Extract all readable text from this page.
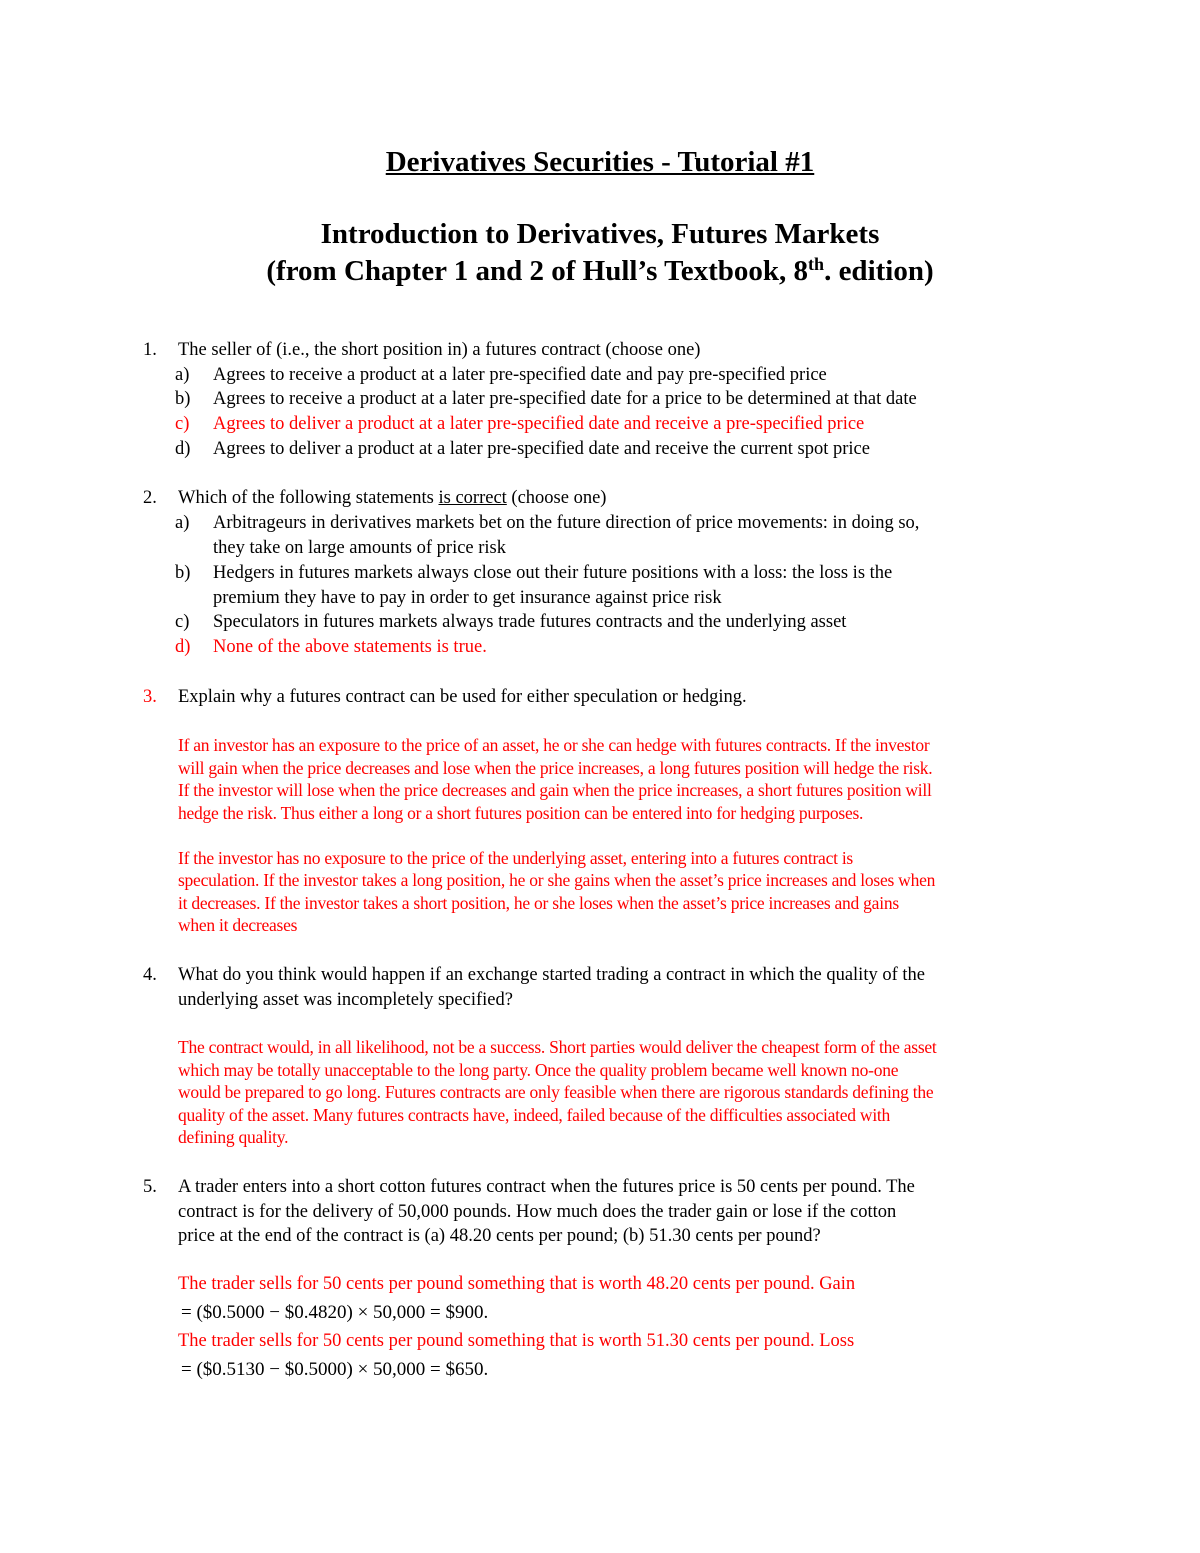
Derivatives Securities - Tutorial #1
Introduction to Derivatives, Futures Markets
(from Chapter 1 and 2 of Hull’s Textbook, 8th. edition)
1. The seller of (i.e., the short position in) a futures contract (choose one)
a) Agrees to receive a product at a later pre-specified date and pay pre-specified price
b) Agrees to receive a product at a later pre-specified date for a price to be determined at that date
c) Agrees to deliver a product at a later pre-specified date and receive a pre-specified price
d) Agrees to deliver a product at a later pre-specified date and receive the current spot price
2. Which of the following statements is correct (choose one)
a) Arbitrageurs in derivatives markets bet on the future direction of price movements: in doing so,
they take on large amounts of price risk
b) Hedgers in futures markets always close out their future positions with a loss: the loss is the
premium they have to pay in order to get insurance against price risk
c) Speculators in futures markets always trade futures contracts and the underlying asset
d) None of the above statements is true.
3. Explain why a futures contract can be used for either speculation or hedging.
If an investor has an exposure to the price of an asset, he or she can hedge with futures contracts. If the investor
will gain when the price decreases and lose when the price increases, a long futures position will hedge the risk.
If the investor will lose when the price decreases and gain when the price increases, a short futures position will
hedge the risk. Thus either a long or a short futures position can be entered into for hedging purposes.
If the investor has no exposure to the price of the underlying asset, entering into a futures contract is
speculation. If the investor takes a long position, he or she gains when the asset’s price increases and loses when
it decreases. If the investor takes a short position, he or she loses when the asset’s price increases and gains
when it decreases
4. What do you think would happen if an exchange started trading a contract in which the quality of the
underlying asset was incompletely specified?
The contract would, in all likelihood, not be a success. Short parties would deliver the cheapest form of the asset
which may be totally unacceptable to the long party. Once the quality problem became well known no-one
would be prepared to go long. Futures contracts are only feasible when there are rigorous standards defining the
quality of the asset. Many futures contracts have, indeed, failed because of the difficulties associated with
defining quality.
5. A trader enters into a short cotton futures contract when the futures price is 50 cents per pound. The
contract is for the delivery of 50,000 pounds. How much does the trader gain or lose if the cotton
price at the end of the contract is (a) 48.20 cents per pound; (b) 51.30 cents per pound?
The trader sells for 50 cents per pound something that is worth 48.20 cents per pound. Gain
= ($0.5000 − $0.4820) × 50,000 = $900.
The trader sells for 50 cents per pound something that is worth 51.30 cents per pound. Loss
= ($0.5130 − $0.5000) × 50,000 = $650.
